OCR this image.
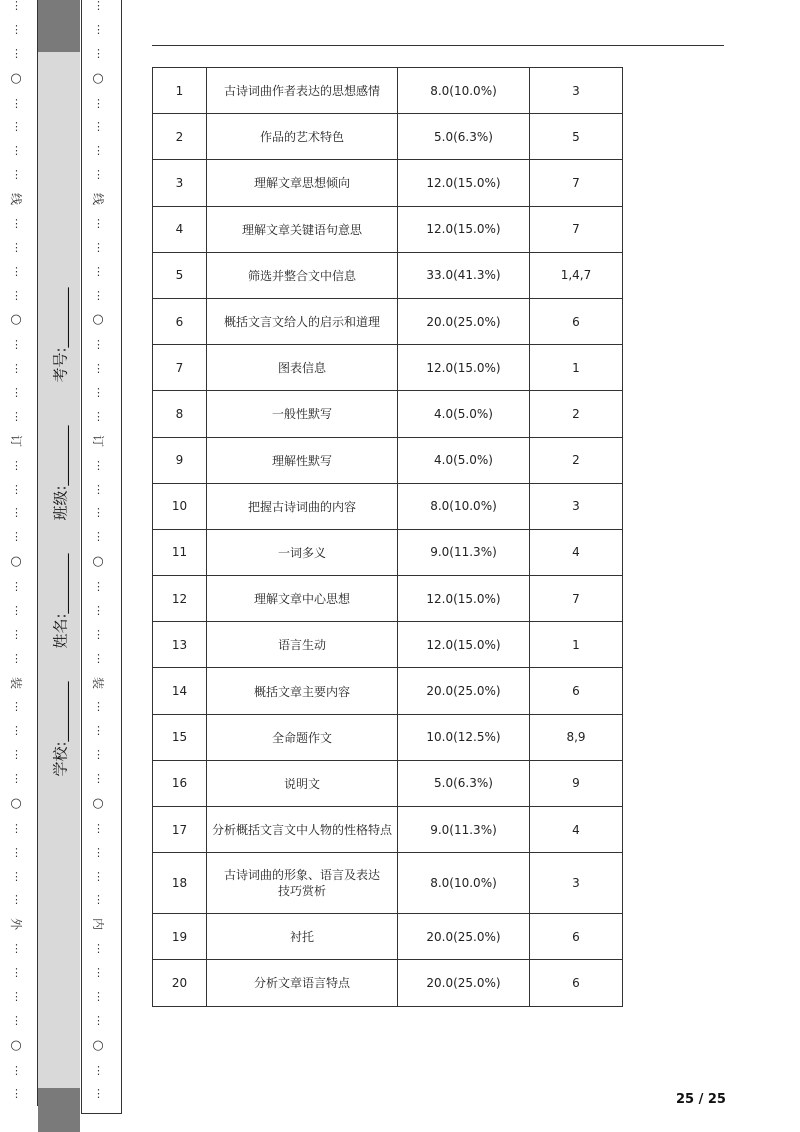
⋮
⋮
⋮
○
⋮
⋮
⋮
⋮
线
⋮
⋮
⋮
⋮
○
⋮
⋮
⋮
⋮
订
⋮
⋮
⋮
⋮
○
⋮
⋮
⋮
⋮
装
⋮
⋮
⋮
⋮
○
⋮
⋮
⋮
⋮
外
⋮
⋮
⋮
⋮
○
⋮
⋮
⋮
⋮
⋮
○
⋮
⋮
⋮
⋮
线
⋮
⋮
⋮
⋮
○
⋮
⋮
⋮
⋮
订
⋮
⋮
⋮
⋮
○
⋮
⋮
⋮
⋮
装
⋮
⋮
⋮
⋮
○
⋮
⋮
⋮
⋮
内
⋮
⋮
⋮
⋮
○
⋮
⋮
学校:________
姓名:________
班级:________
考号:________
1	古诗词曲作者表达的思想感情	8.0(10.0%)	3
2	作品的艺术特色	5.0(6.3%)	5
3	理解文章思想倾向	12.0(15.0%)	7
4	理解文章关键语句意思	12.0(15.0%)	7
5	筛选并整合文中信息	33.0(41.3%)	1,4,7
6	概括文言文给人的启示和道理	20.0(25.0%)	6
7	图表信息	12.0(15.0%)	1
8	一般性默写	4.0(5.0%)	2
9	理解性默写	4.0(5.0%)	2
10	把握古诗词曲的内容	8.0(10.0%)	3
11	一词多义	9.0(11.3%)	4
12	理解文章中心思想	12.0(15.0%)	7
13	语言生动	12.0(15.0%)	1
14	概括文章主要内容	20.0(25.0%)	6
15	全命题作文	10.0(12.5%)	8,9
16	说明文	5.0(6.3%)	9
17	分析概括文言文中人物的性格特点	9.0(11.3%)	4
18	古诗词曲的形象、语言及表达技巧赏析	8.0(10.0%)	3
19	衬托	20.0(25.0%)	6
20	分析文章语言特点	20.0(25.0%)	6
25 / 25
